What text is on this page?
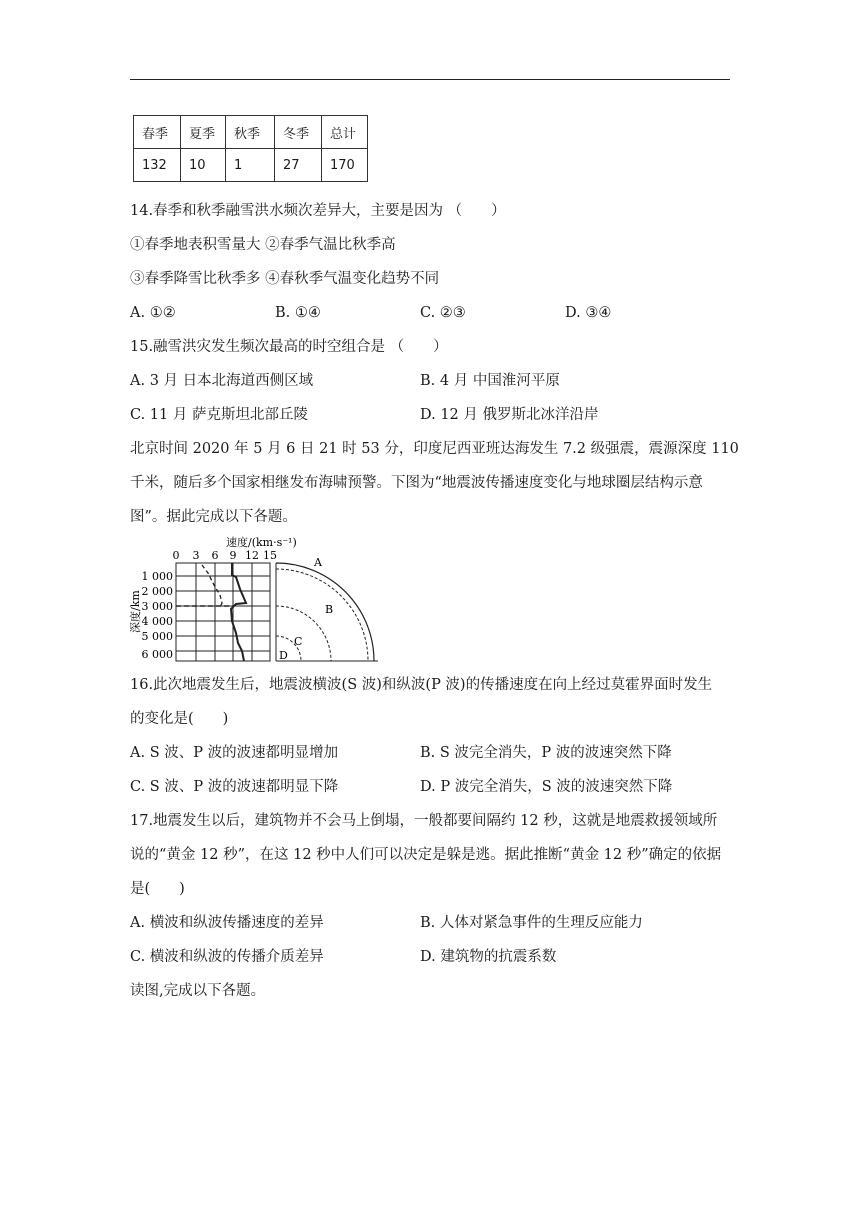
春季	夏季	秋季	冬季	总计
132	10	1	27	170
14.春季和秋季融雪洪水频次差异大，主要是因为 （　　）
①春季地表积雪量大 ②春季气温比秋季高
③春季降雪比秋季多 ④春秋季气温变化趋势不同
A. ①②	B. ①④	C. ②③	D. ③④
15.融雪洪灾发生频次最高的时空组合是 （　　）
A. 3 月 日本北海道西侧区域	B. 4 月 中国淮河平原
C. 11 月 萨克斯坦北部丘陵	D. 12 月 俄罗斯北冰洋沿岸
北京时间 2020 年 5 月 6 日 21 时 53 分，印度尼西亚班达海发生 7.2 级强震，震源深度 110
千米，随后多个国家相继发布海啸预警。下图为“地震波传播速度变化与地球圈层结构示意
图”。据此完成以下各题。
速度/(km·s⁻¹)
0 3 6 9 12 15
深度/km
1 000
2 000
3 000
4 000
5 000
6 000
A
B
C
D
16.此次地震发生后，地震波横波(S 波)和纵波(P 波)的传播速度在向上经过莫霍界面时发生
的变化是(　　)
A. S 波、P 波的波速都明显增加	B. S 波完全消失，P 波的波速突然下降
C. S 波、P 波的波速都明显下降	D. P 波完全消失，S 波的波速突然下降
17.地震发生以后，建筑物并不会马上倒塌，一般都要间隔约 12 秒，这就是地震救援领域所
说的“黄金 12 秒”，在这 12 秒中人们可以决定是躲是逃。据此推断“黄金 12 秒”确定的依据
是(　　)
A. 横波和纵波传播速度的差异	B. 人体对紧急事件的生理反应能力
C. 横波和纵波的传播介质差异	D. 建筑物的抗震系数
读图,完成以下各题。
